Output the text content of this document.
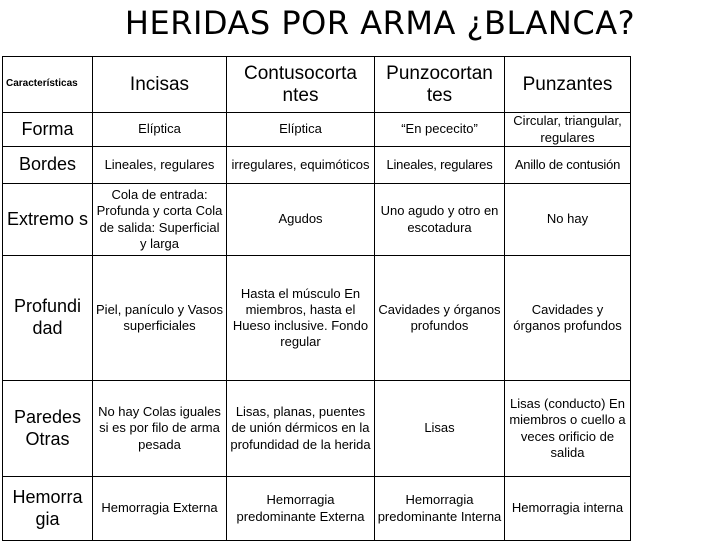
HERIDAS POR ARMA ¿BLANCA?
Características	Incisas	Contusocorta ntes	Punzocortan tes	Punzantes
Forma	Elíptica	Elíptica	“En pececito”	Circular, triangular, regulares
Bordes	Lineales, regulares	irregulares, equimóticos	Lineales, regulares	Anillo de contusión
Extremo s	Cola de entrada: Profunda y corta Cola de salida: Superficial y larga	Agudos	Uno agudo y otro en escotadura	No hay
Profundi dad	Piel, panículo y Vasos superficiales	Hasta el músculo En miembros, hasta el Hueso inclusive. Fondo regular	Cavidades y órganos profundos	Cavidades y órganos profundos
Paredes Otras	No hay Colas iguales si es por filo de arma pesada	Lisas, planas, puentes de unión dérmicos en la profundidad de la herida	Lisas	Lisas (conducto) En miembros o cuello a veces orificio de salida
Hemorra gia	Hemorragia Externa	Hemorragia predominante Externa	Hemorragia predominante Interna	Hemorragia interna
